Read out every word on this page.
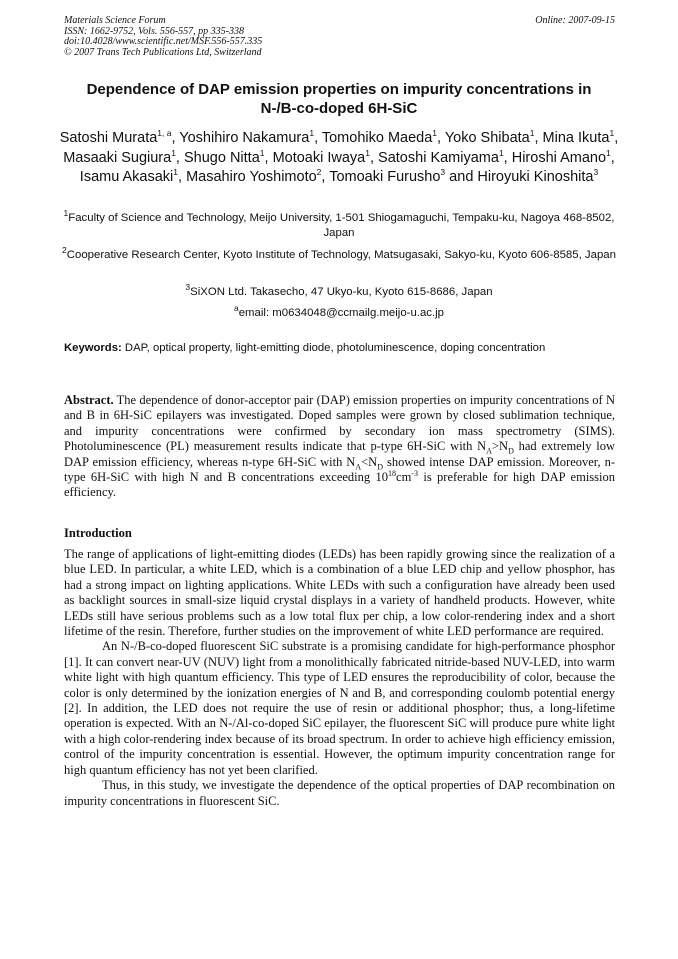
Materials Science Forum
ISSN: 1662-9752, Vols. 556-557, pp 335-338
doi:10.4028/www.scientific.net/MSF.556-557.335
© 2007 Trans Tech Publications Ltd, Switzerland
Online: 2007-09-15
Dependence of DAP emission properties on impurity concentrations in
N-/B-co-doped 6H-SiC
Satoshi Murata$^{1, a}$, Yoshihiro Nakamura$^1$, Tomohiko Maeda$^1$, Yoko Shibata$^1$, Mina Ikuta$^1$, Masaaki Sugiura$^1$, Shugo Nitta$^1$, Motoaki Iwaya$^1$, Satoshi Kamiyama$^1$, Hiroshi Amano$^1$, Isamu Akasaki$^1$, Masahiro Yoshimoto$^2$, Tomoaki Furusho$^3$ and Hiroyuki Kinoshita$^3$
$^1$Faculty of Science and Technology, Meijo University, 1-501 Shiogamaguchi, Tempaku-ku, Nagoya 468-8502, Japan
$^2$Cooperative Research Center, Kyoto Institute of Technology, Matsugasaki, Sakyo-ku, Kyoto 606-8585, Japan
$^3$SiXON Ltd. Takasecho, 47 Ukyo-ku, Kyoto 615-8686, Japan
$^a$email: m0634048@ccmailg.meijo-u.ac.jp
Keywords: DAP, optical property, light-emitting diode, photoluminescence, doping concentration

Abstract. The dependence of donor-acceptor pair (DAP) emission properties on impurity concentrations of N and B in 6H-SiC epilayers was investigated. Doped samples were grown by closed sublimation technique, and impurity concentrations were confirmed by secondary ion mass spectrometry (SIMS). Photoluminescence (PL) measurement results indicate that p-type 6H-SiC with $N_A>N_D$ had extremely low DAP emission efficiency, whereas n-type 6H-SiC with $N_A<N_D$ showed intense DAP emission. Moreover, n-type 6H-SiC with high N and B concentrations exceeding $10^{18}cm^{-3}$ is preferable for high DAP emission efficiency.

Introduction

The range of applications of light-emitting diodes (LEDs) has been rapidly growing since the realization of a blue LED. In particular, a white LED, which is a combination of a blue LED chip and yellow phosphor, has had a strong impact on lighting applications. White LEDs with such a configuration have already been used as backlight sources in small-size liquid crystal displays in a variety of handheld products. However, white LEDs still have serious problems such as a low total flux per chip, a low color-rendering index and a short lifetime of the resin. Therefore, further studies on the improvement of white LED performance are required.

An N-/B-co-doped fluorescent SiC substrate is a promising candidate for high-performance phosphor [1]. It can convert near-UV (NUV) light from a monolithically fabricated nitride-based NUV-LED, into warm white light with high quantum efficiency. This type of LED ensures the reproducibility of color, because the color is only determined by the ionization energies of N and B, and corresponding coulomb potential energy [2]. In addition, the LED does not require the use of resin or additional phosphor; thus, a long-lifetime operation is expected. With an N-/Al-co-doped SiC epilayer, the fluorescent SiC will produce pure white light with a high color-rendering index because of its broad spectrum. In order to achieve high efficiency emission, control of the impurity concentration is essential. However, the optimum impurity concentration range for high quantum efficiency has not yet been clarified.

Thus, in this study, we investigate the dependence of the optical properties of DAP recombination on impurity concentrations in fluorescent SiC.
